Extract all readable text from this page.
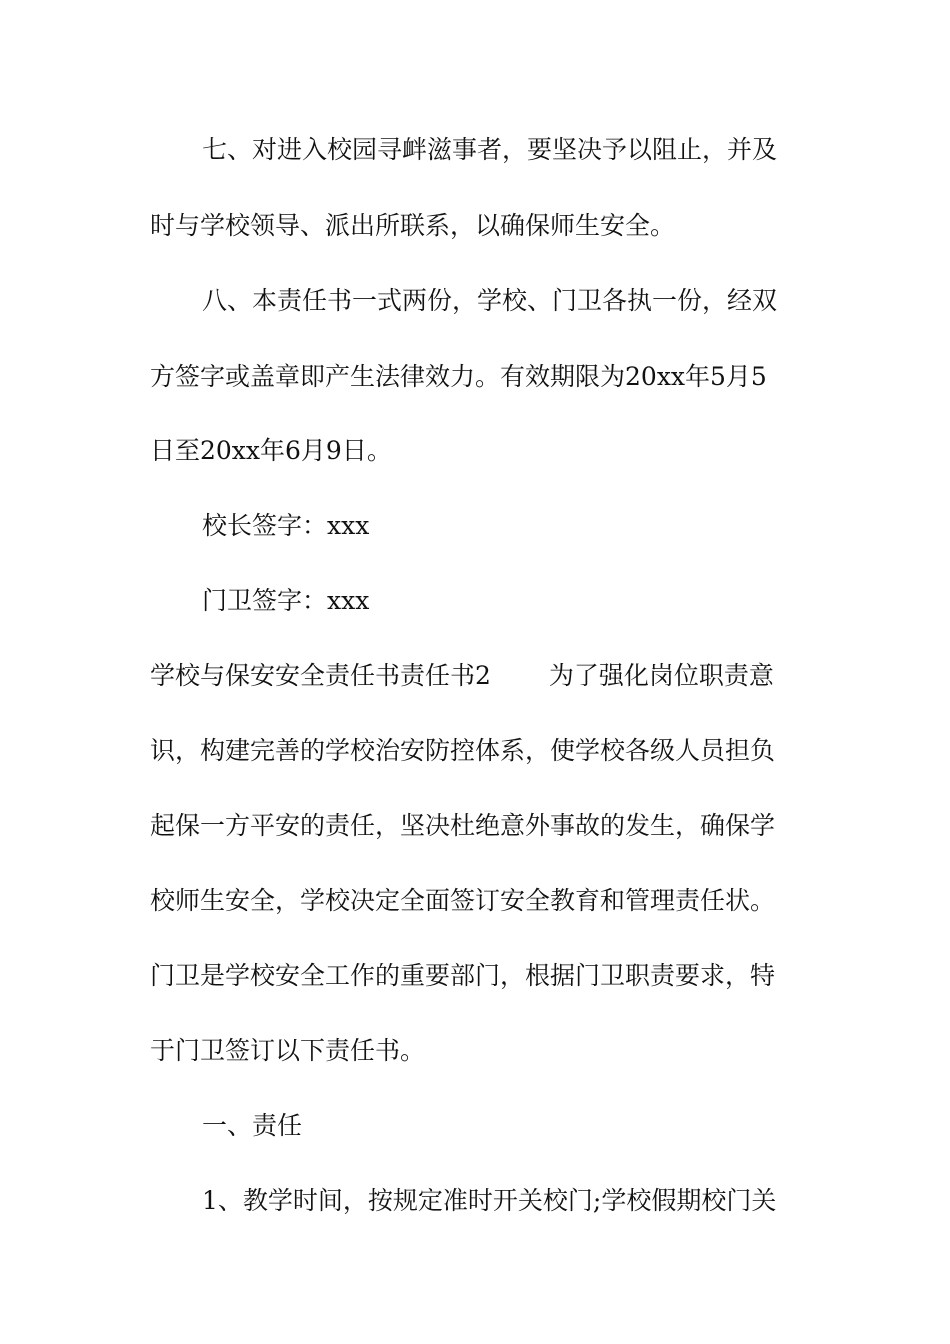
七、对进入校园寻衅滋事者，要坚决予以阻止，并及
时与学校领导、派出所联系，以确保师生安全。
八、本责任书一式两份，学校、门卫各执一份，经双
方签字或盖章即产生法律效力。有效期限为20xx年5月5
日至20xx年6月9日。
校长签字：xxx
门卫签字：xxx
学校与保安安全责任书责任书2 为了强化岗位职责意
识，构建完善的学校治安防控体系，使学校各级人员担负
起保一方平安的责任，坚决杜绝意外事故的发生，确保学
校师生安全，学校决定全面签订安全教育和管理责任状。
门卫是学校安全工作的重要部门，根据门卫职责要求，特
于门卫签订以下责任书。
一、责任
1、教学时间，按规定准时开关校门;学校假期校门关
